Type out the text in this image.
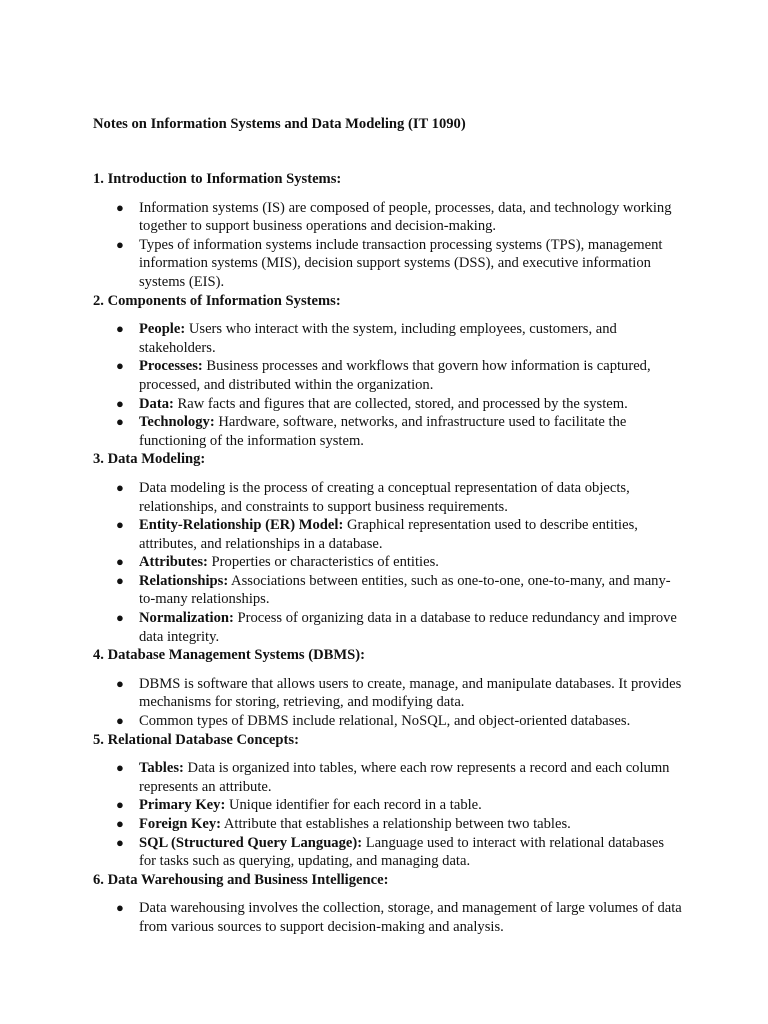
Notes on Information Systems and Data Modeling (IT 1090)
1. Introduction to Information Systems:
● Information systems (IS) are composed of people, processes, data, and technology working together to support business operations and decision-making.
● Types of information systems include transaction processing systems (TPS), management information systems (MIS), decision support systems (DSS), and executive information systems (EIS).
2. Components of Information Systems:
● People: Users who interact with the system, including employees, customers, and stakeholders.
● Processes: Business processes and workflows that govern how information is captured, processed, and distributed within the organization.
● Data: Raw facts and figures that are collected, stored, and processed by the system.
● Technology: Hardware, software, networks, and infrastructure used to facilitate the functioning of the information system.
3. Data Modeling:
● Data modeling is the process of creating a conceptual representation of data objects, relationships, and constraints to support business requirements.
● Entity-Relationship (ER) Model: Graphical representation used to describe entities, attributes, and relationships in a database.
● Attributes: Properties or characteristics of entities.
● Relationships: Associations between entities, such as one-to-one, one-to-many, and many-to-many relationships.
● Normalization: Process of organizing data in a database to reduce redundancy and improve data integrity.
4. Database Management Systems (DBMS):
● DBMS is software that allows users to create, manage, and manipulate databases. It provides mechanisms for storing, retrieving, and modifying data.
● Common types of DBMS include relational, NoSQL, and object-oriented databases.
5. Relational Database Concepts:
● Tables: Data is organized into tables, where each row represents a record and each column represents an attribute.
● Primary Key: Unique identifier for each record in a table.
● Foreign Key: Attribute that establishes a relationship between two tables.
● SQL (Structured Query Language): Language used to interact with relational databases for tasks such as querying, updating, and managing data.
6. Data Warehousing and Business Intelligence:
● Data warehousing involves the collection, storage, and management of large volumes of data from various sources to support decision-making and analysis.
